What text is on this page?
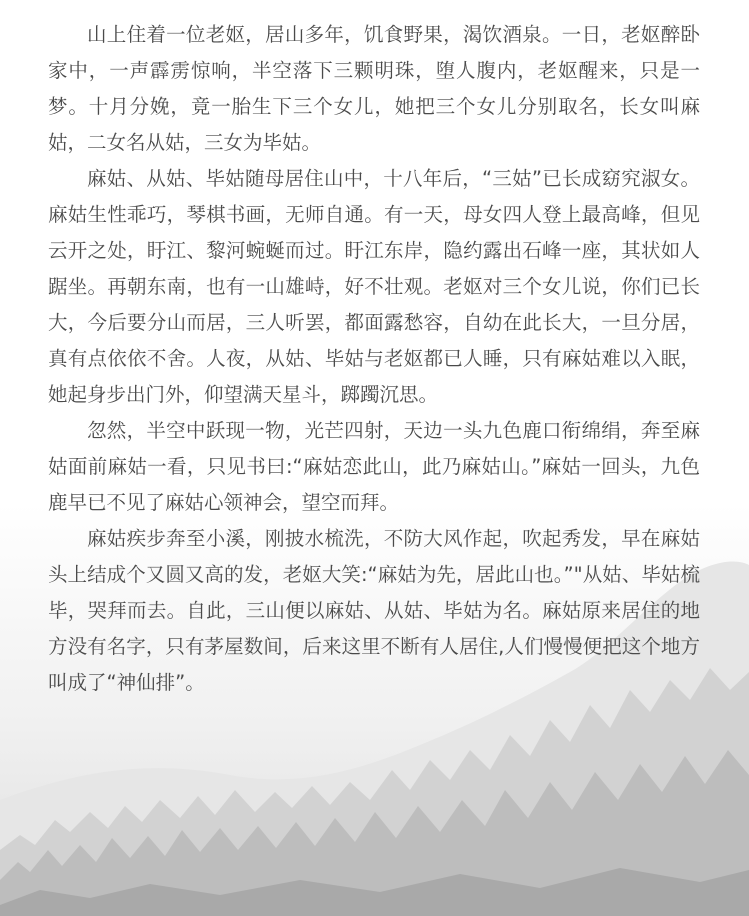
山上住着一位老妪，居山多年，饥食野果，渴饮酒泉。一日，老妪醉卧家中，一声霹雳惊响，半空落下三颗明珠，堕人腹内，老妪醒来，只是一梦。十月分娩，竟一胎生下三个女儿，她把三个女儿分别取名，长女叫麻姑，二女名从姑，三女为毕姑。

麻姑、从姑、毕姑随母居住山中，十八年后，“三姑”已长成窈究淑女。麻姑生性乖巧，琴棋书画，无师自通。有一天，母女四人登上最高峰，但见云开之处，盱江、黎河蜿蜒而过。盱江东岸，隐约露出石峰一座，其状如人踞坐。再朝东南，也有一山雄峙，好不壮观。老妪对三个女儿说，你们已长大，今后要分山而居，三人听罢，都面露愁容，自幼在此长大，一旦分居，真有点依依不舍。人夜，从姑、毕姑与老妪都已人睡，只有麻姑难以入眠，她起身步出门外，仰望满天星斗，踯躅沉思。

忽然，半空中跃现一物，光芒四射，天边一头九色鹿口衔绵绢，奔至麻姑面前麻姑一看，只见书曰:“麻姑恋此山，此乃麻姑山。”麻姑一回头，九色鹿早已不见了麻姑心领神会，望空而拜。

麻姑疾步奔至小溪，刚披水梳洗，不防大风作起，吹起秀发，早在麻姑头上结成个又圆又高的发，老妪大笑:“麻姑为先，居此山也。”"从姑、毕姑梳毕，哭拜而去。自此，三山便以麻姑、从姑、毕姑为名。麻姑原来居住的地方没有名字，只有茅屋数间，后来这里不断有人居住,人们慢慢便把这个地方叫成了“神仙排”。
